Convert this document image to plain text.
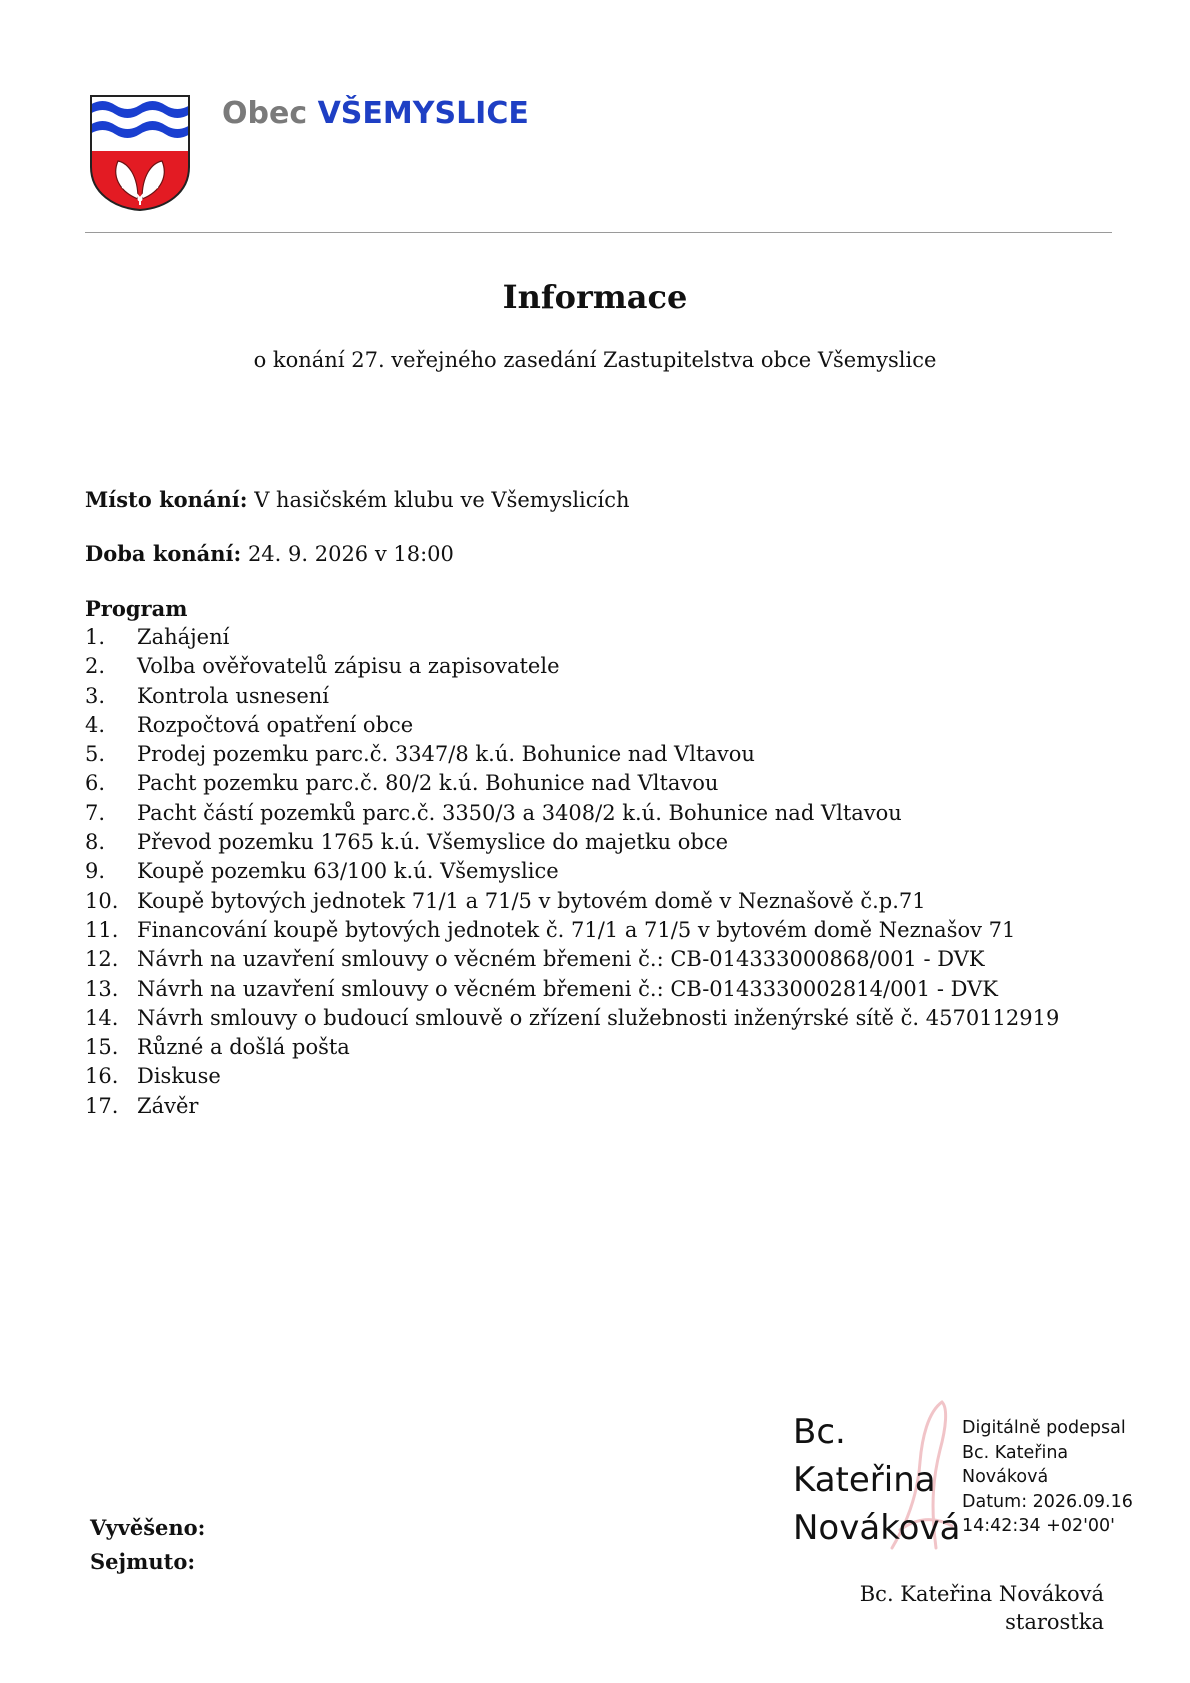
Obec VŠEMYSLICE
Informace
o konání 27. veřejného zasedání Zastupitelstva obce Všemyslice
Místo konání: V hasičském klubu ve Všemyslicích
Doba konání: 24. 9. 2026 v 18:00
Program
1. Zahájení
2. Volba ověřovatelů zápisu a zapisovatele
3. Kontrola usnesení
4. Rozpočtová opatření obce
5. Prodej pozemku parc.č. 3347/8 k.ú. Bohunice nad Vltavou
6. Pacht pozemku parc.č. 80/2 k.ú. Bohunice nad Vltavou
7. Pacht částí pozemků parc.č. 3350/3 a 3408/2 k.ú. Bohunice nad Vltavou
8. Převod pozemku 1765 k.ú. Všemyslice do majetku obce
9. Koupě pozemku 63/100 k.ú. Všemyslice
10. Koupě bytových jednotek 71/1 a 71/5 v bytovém domě v Neznašově č.p.71
11. Financování koupě bytových jednotek č. 71/1 a 71/5 v bytovém domě Neznašov 71
12. Návrh na uzavření smlouvy o věcném břemeni č.: CB-014333000868/001 - DVK
13. Návrh na uzavření smlouvy o věcném břemeni č.: CB-0143330002814/001 - DVK
14. Návrh smlouvy o budoucí smlouvě o zřízení služebnosti inženýrské sítě č. 4570112919
15. Různé a došlá pošta
16. Diskuse
17. Závěr
Vyvěšeno:
Sejmuto:
Bc.
Kateřina
Nováková
Digitálně podepsal
Bc. Kateřina
Nováková
Datum: 2026.09.16
14:42:34 +02'00'
Bc. Kateřina Nováková
starostka
